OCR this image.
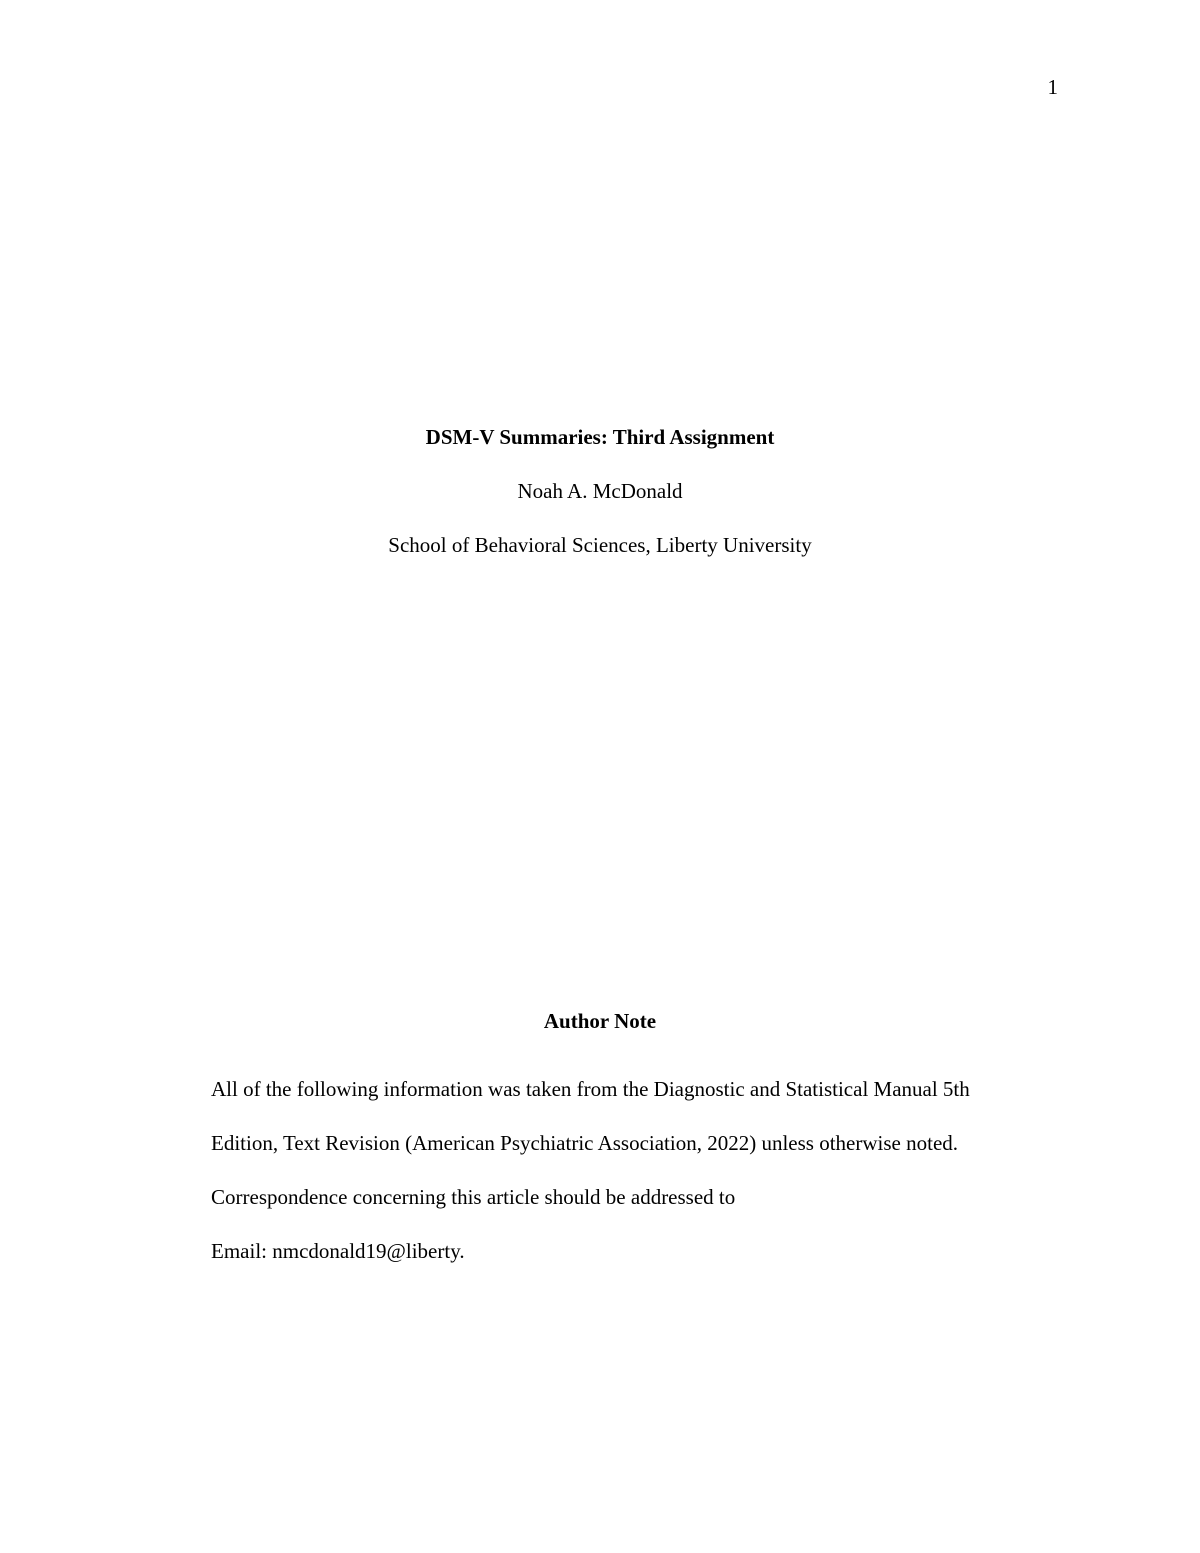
1
DSM-V Summaries: Third Assignment
Noah A. McDonald
School of Behavioral Sciences, Liberty University
Author Note

All of the following information was taken from the Diagnostic and Statistical Manual 5th Edition, Text Revision (American Psychiatric Association, 2022) unless otherwise noted.

Correspondence concerning this article should be addressed to

Email: nmcdonald19@liberty.
